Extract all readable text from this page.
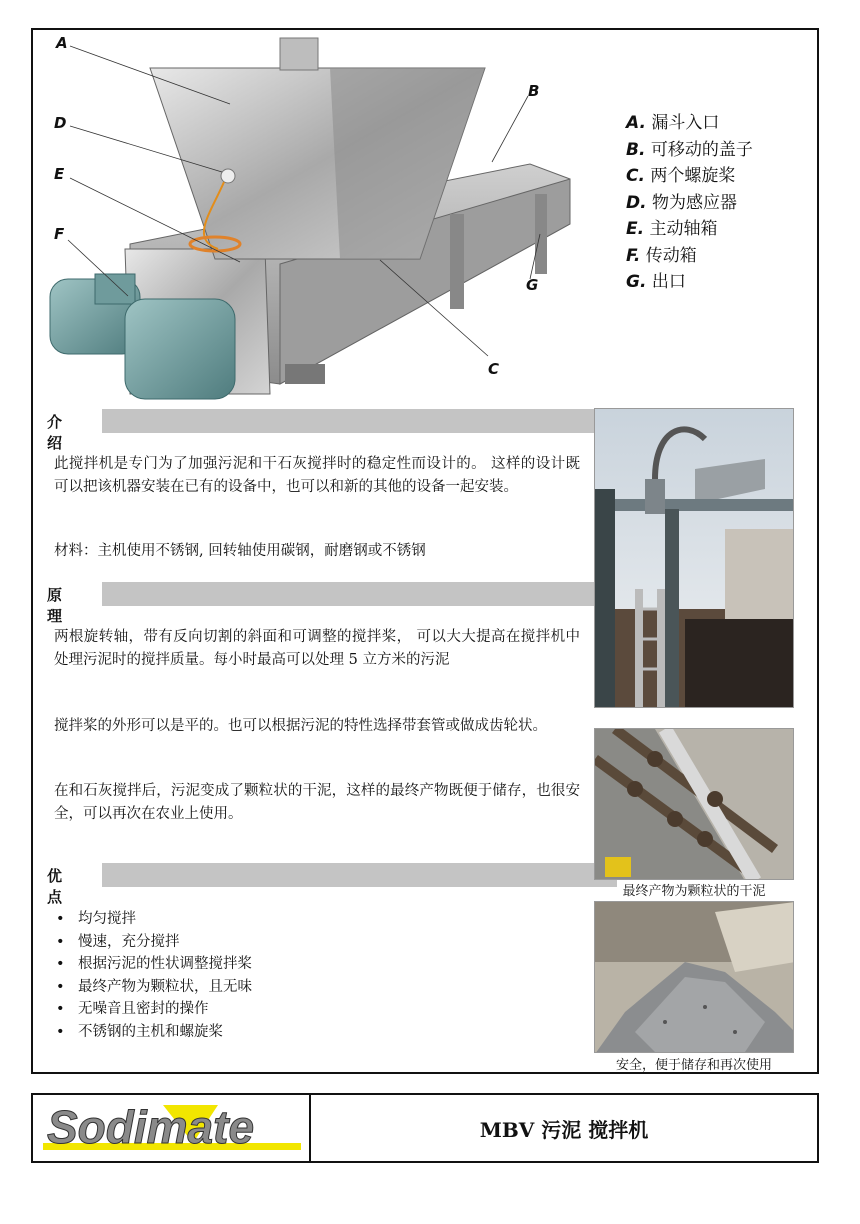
A
B
C
D
E
F
G
A. 漏斗入口
B. 可移动的盖子
C. 两个螺旋桨
D. 物为感应器
E. 主动轴箱
F. 传动箱
G. 出口
介绍
此搅拌机是专门为了加强污泥和干石灰搅拌时的稳定性而设计的。 这样的设计既可以把该机器安装在已有的设备中，也可以和新的其他的设备一起安装。
材料：主机使用不锈钢, 回转轴使用碳钢，耐磨钢或不锈钢
原理
两根旋转轴，带有反向切割的斜面和可调整的搅拌桨， 可以大大提高在搅拌机中处理污泥时的搅拌质量。每小时最高可以处理 5 立方米的污泥
搅拌桨的外形可以是平的。也可以根据污泥的特性选择带套管或做成齿轮状。
在和石灰搅拌后，污泥变成了颗粒状的干泥，这样的最终产物既便于储存，也很安全，可以再次在农业上使用。
优点
• 均匀搅拌
• 慢速，充分搅拌
• 根据污泥的性状调整搅拌桨
• 最终产物为颗粒状，且无味
• 无噪音且密封的操作
• 不锈钢的主机和螺旋桨
最终产物为颗粒状的干泥
安全，便于储存和再次使用
Sodimate	MBV 污泥 搅拌机
